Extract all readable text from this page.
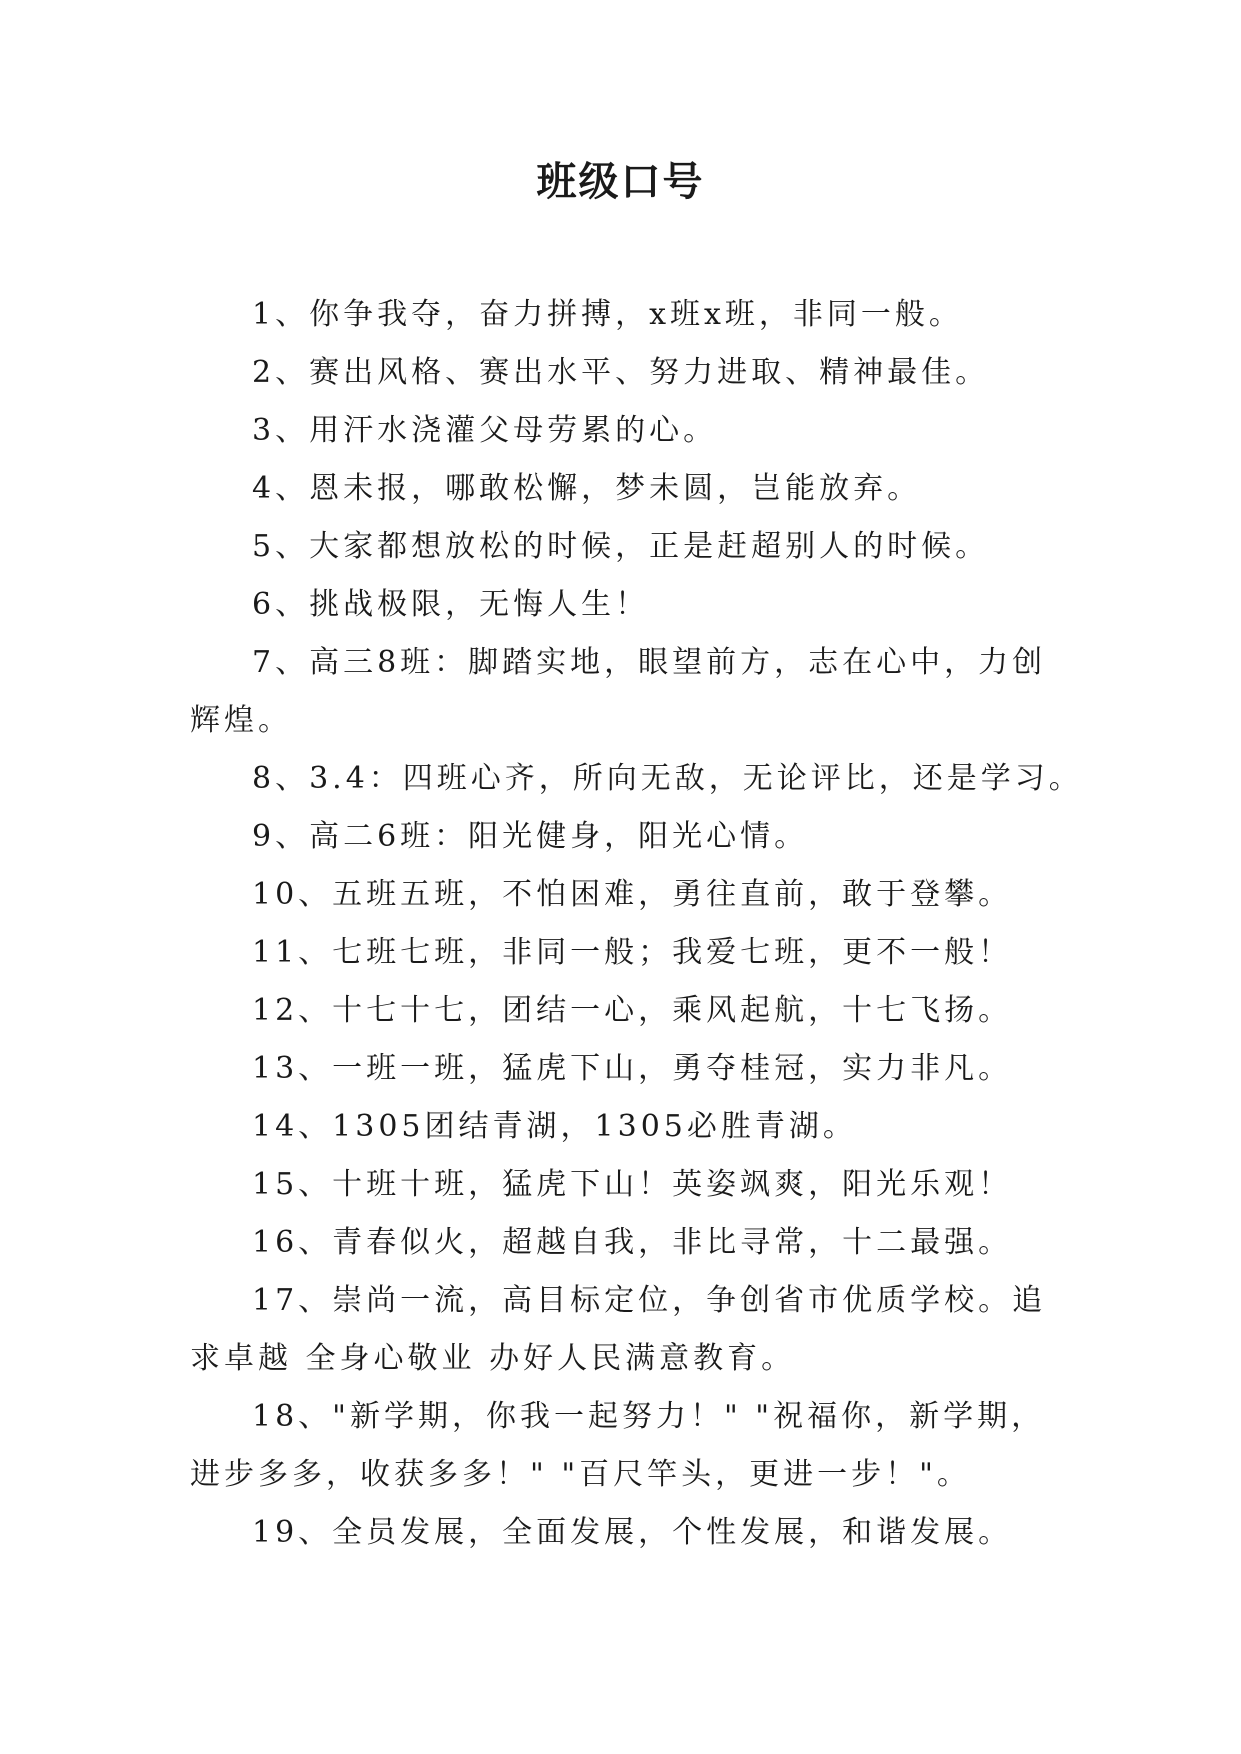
班级口号

1、你争我夺，奋力拼搏，x班x班，非同一般。

2、赛出风格、赛出水平、努力进取、精神最佳。

3、用汗水浇灌父母劳累的心。

4、恩未报，哪敢松懈，梦未圆，岂能放弃。

5、大家都想放松的时候，正是赶超别人的时候。

6、挑战极限，无悔人生！

7、高三8班：脚踏实地，眼望前方，志在心中，力创辉煌。

8、3.4：四班心齐，所向无敌，无论评比，还是学习。

9、高二6班：阳光健身，阳光心情。

10、五班五班，不怕困难，勇往直前，敢于登攀。

11、七班七班，非同一般；我爱七班，更不一般！

12、十七十七，团结一心，乘风起航，十七飞扬。

13、一班一班，猛虎下山，勇夺桂冠，实力非凡。

14、1305团结青湖，1305必胜青湖。

15、十班十班，猛虎下山！英姿飒爽，阳光乐观！

16、青春似火，超越自我，非比寻常，十二最强。

17、崇尚一流，高目标定位，争创省市优质学校。追求卓越 全身心敬业 办好人民满意教育。

18、"新学期，你我一起努力！" "祝福你，新学期，进步多多，收获多多！" "百尺竿头，更进一步！"。

19、全员发展，全面发展，个性发展，和谐发展。
